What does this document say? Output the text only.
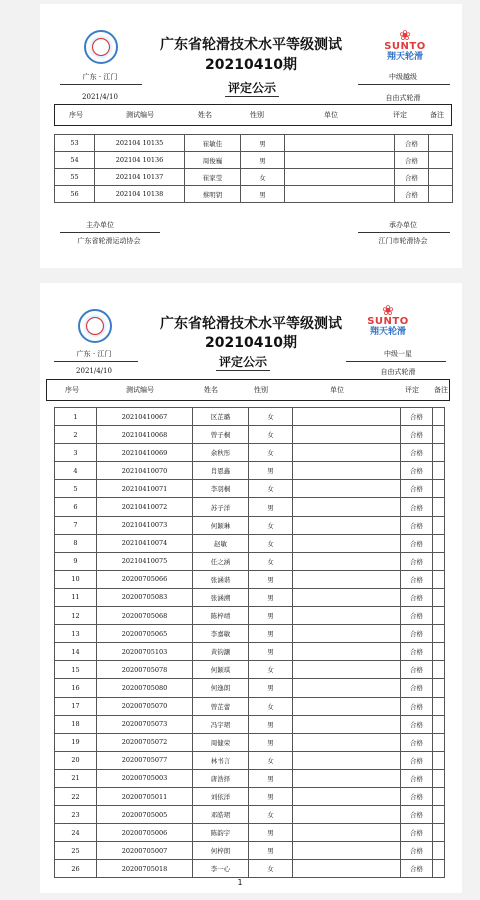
❀
SUNTO
翔天轮滑
广东省轮滑技术水平等级测试
20210410期
评定公示
广东 · 江门
2021/4/10
中级越级
自由式轮滑
序号	测试编号	姓名	性别	单位	评定	备注
53	202104 10135	崔敏佳	男		合格	
54	202104 10136	周俊巍	男		合格	
55	202104 10137	崔家莹	女		合格	
56	202104 10138	蔡明钥	男		合格	
主办单位
广东省轮滑运动协会
承办单位
江门市轮滑协会
❀
SUNTO
翔天轮滑
广东省轮滑技术水平等级测试
20210410期
评定公示
广东 · 江门
2021/4/10
中级一星
自由式轮滑
序号	测试编号	姓名	性别	单位	评定	备注
1	20210410067	区芷璐	女		合格	
2	20210410068	曾子桐	女		合格	
3	20210410069	余秋彤	女		合格	
4	20210410070	肖恩鑫	男		合格	
5	20210410071	李羽桐	女		合格	
6	20210410072	苏子洋	男		合格	
7	20210410073	何颖琳	女		合格	
8	20210410074	赵敏	女		合格	
9	20210410075	任之涵	女		合格	
10	20200705066	张涵谐	男		合格	
11	20200705083	张涵溯	男		合格	
12	20200705068	陈梓靖	男		合格	
13	20200705065	李嘉敏	男		合格	
14	20200705103	黄钧灏	男		合格	
15	20200705078	何颖琪	女		合格	
16	20200705080	何逸朗	男		合格	
17	20200705070	曾芷蕾	女		合格	
18	20200705073	冯宇珺	男		合格	
19	20200705072	周健荣	男		合格	
20	20200705077	林书言	女		合格	
21	20200705003	唐浩择	男		合格	
22	20200705011	刘依洋	男		合格	
23	20200705005	邓皓珺	女		合格	
24	20200705006	陈韵宇	男		合格	
25	20200705007	何梓朗	男		合格	
26	20200705018	李一心	女		合格	
1
